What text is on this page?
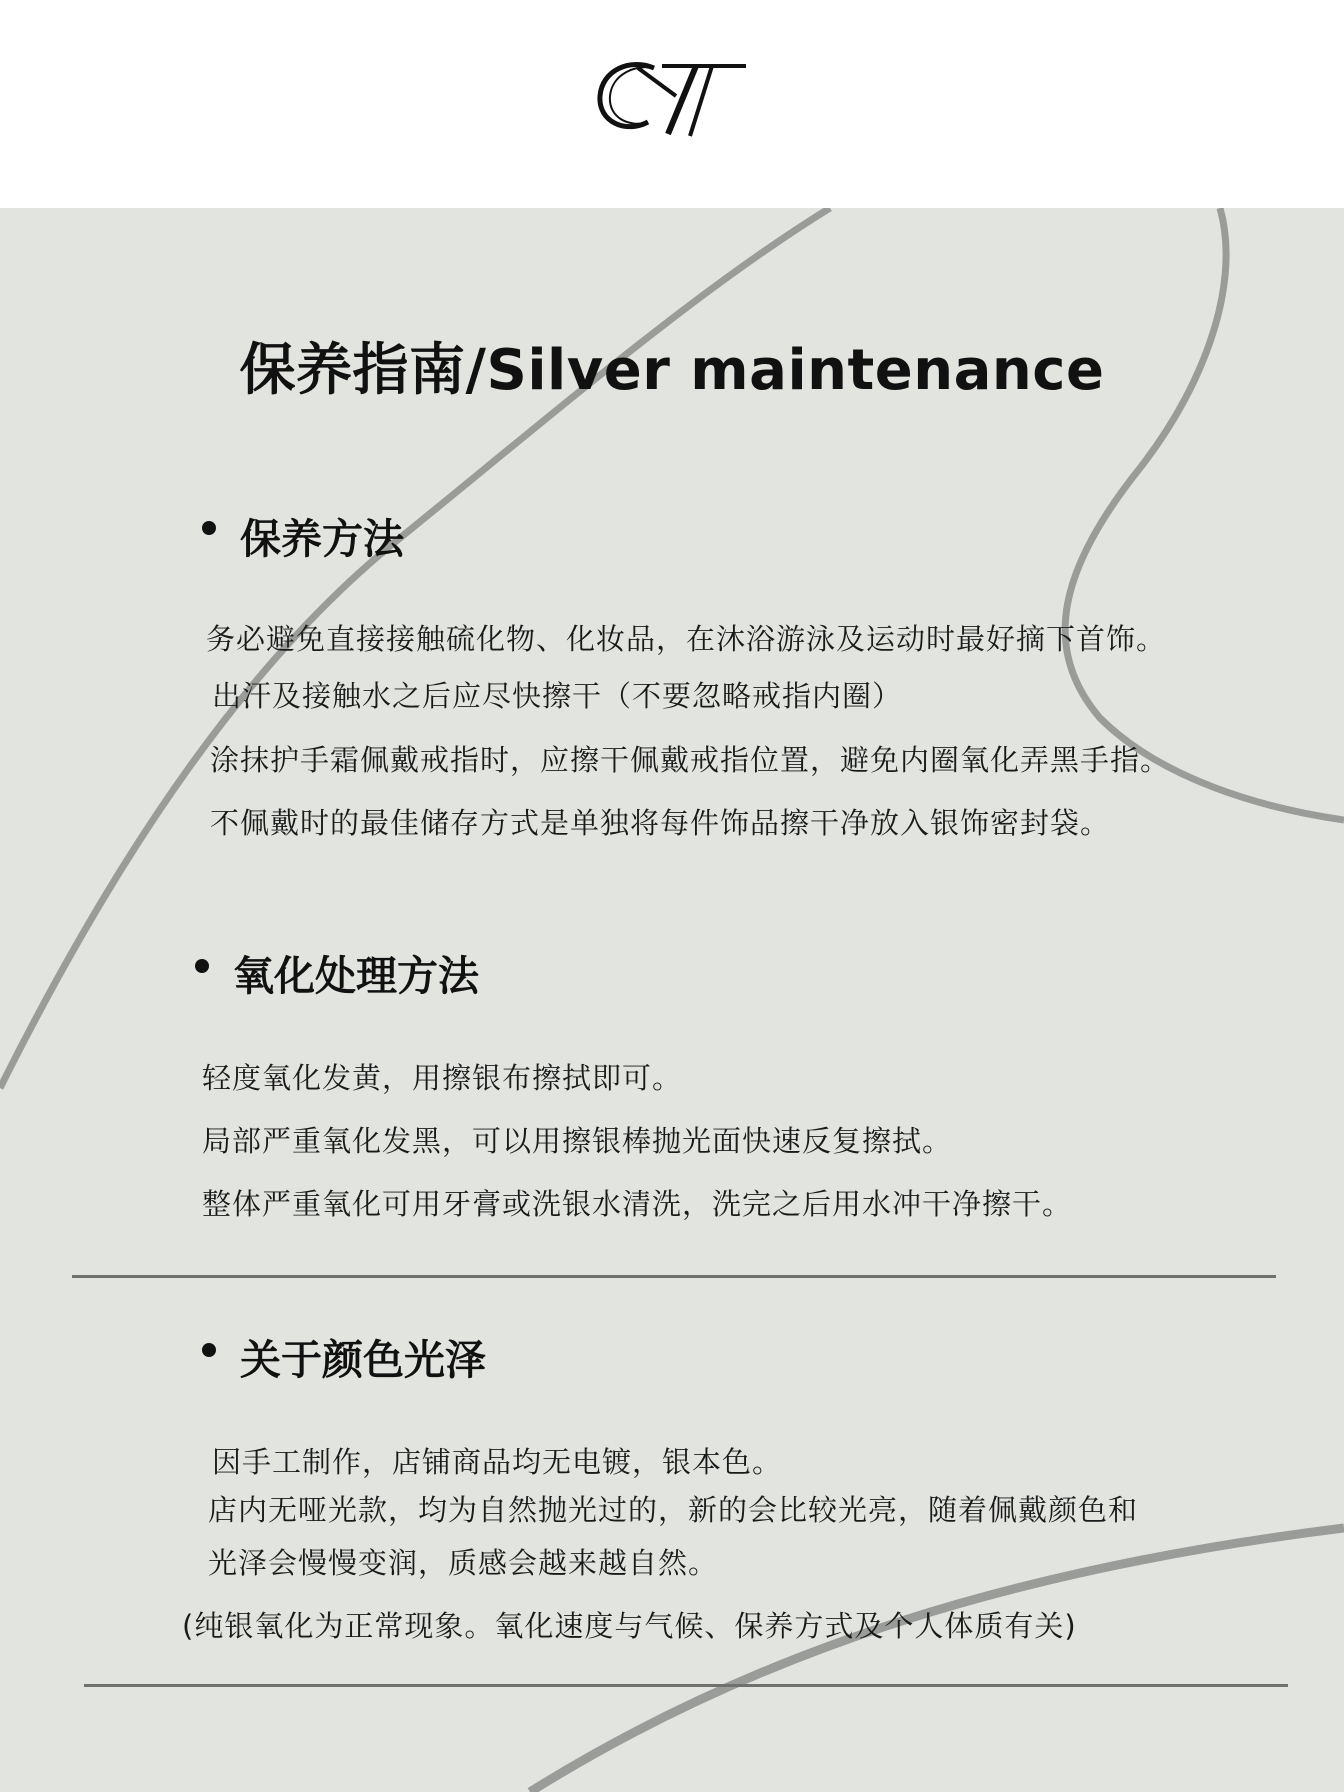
保养指南/Silver maintenance
保养方法
务必避免直接接触硫化物、化妆品，在沐浴游泳及运动时最好摘下首饰。
出汗及接触水之后应尽快擦干（不要忽略戒指内圈）
涂抹护手霜佩戴戒指时，应擦干佩戴戒指位置，避免内圈氧化弄黑手指。
不佩戴时的最佳储存方式是单独将每件饰品擦干净放入银饰密封袋。
氧化处理方法
轻度氧化发黄，用擦银布擦拭即可。
局部严重氧化发黑，可以用擦银棒抛光面快速反复擦拭。
整体严重氧化可用牙膏或洗银水清洗，洗完之后用水冲干净擦干。
关于颜色光泽
因手工制作，店铺商品均无电镀，银本色。
店内无哑光款，均为自然抛光过的，新的会比较光亮，随着佩戴颜色和
光泽会慢慢变润，质感会越来越自然。
(纯银氧化为正常现象。氧化速度与气候、保养方式及个人体质有关)
